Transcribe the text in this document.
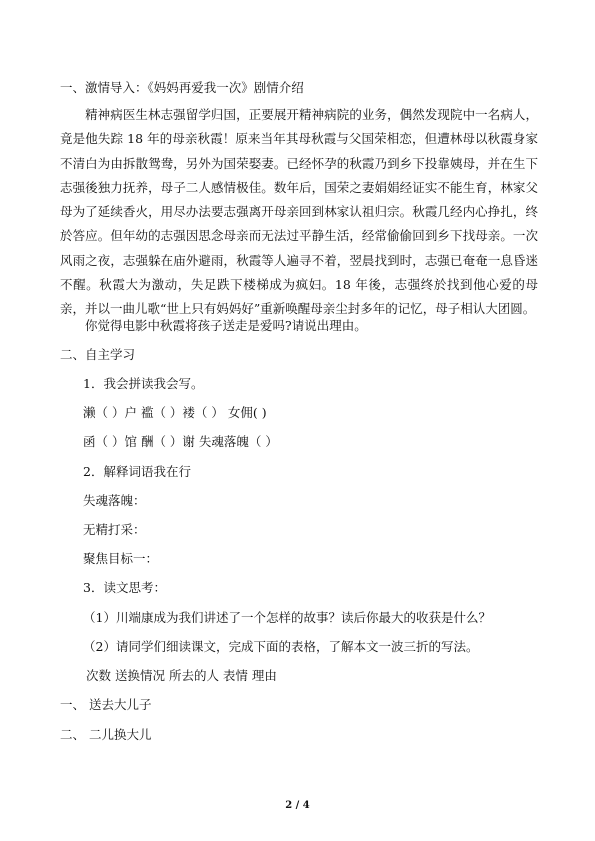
一、激情导入：《妈妈再爱我一次》剧情介绍
精神病医生林志强留学归国，正要展开精神病院的业务，偶然发现院中一名病人，竟是他失踪 18 年的母亲秋霞！原来当年其母秋霞与父国荣相恋，但遭林母以秋霞身家不清白为由拆散鸳鸯，另外为国荣娶妻。已经怀孕的秋霞乃到乡下投靠姨母，并在生下志强後独力抚养，母子二人感情极佳。数年后，国荣之妻娟娟经证实不能生育，林家父母为了延续香火，用尽办法要志强离开母亲回到林家认祖归宗。秋霞几经内心挣扎，终於答应。但年幼的志强因思念母亲而无法过平静生活，经常偷偷回到乡下找母亲。一次风雨之夜，志强躲在庙外避雨，秋霞等人遍寻不着，翌晨找到时，志强已奄奄一息昏迷不醒。秋霞大为激动，失足跌下楼梯成为疯妇。18 年後，志强终於找到他心爱的母亲，并以一曲儿歌“世上只有妈妈好”重新唤醒母亲尘封多年的记忆，母子相认大团圆。
你觉得电影中秋霞将孩子送走是爱吗?请说出理由。
二、自主学习
1．我会拼读我会写。
濑（ ）户 褴（ ）褛（ ） 女佣( )
函（ ）馆 酬（ ）谢 失魂落魄（ ）
2．解释词语我在行
失魂落魄：
无精打采：
聚焦目标一：
3．读文思考：
（1）川端康成为我们讲述了一个怎样的故事？读后你最大的收获是什么？
（2）请同学们细读课文，完成下面的表格，了解本文一波三折的写法。
次数 送换情况 所去的人 表情 理由
一、 送去大儿子
二、 二儿换大儿
2 / 4
